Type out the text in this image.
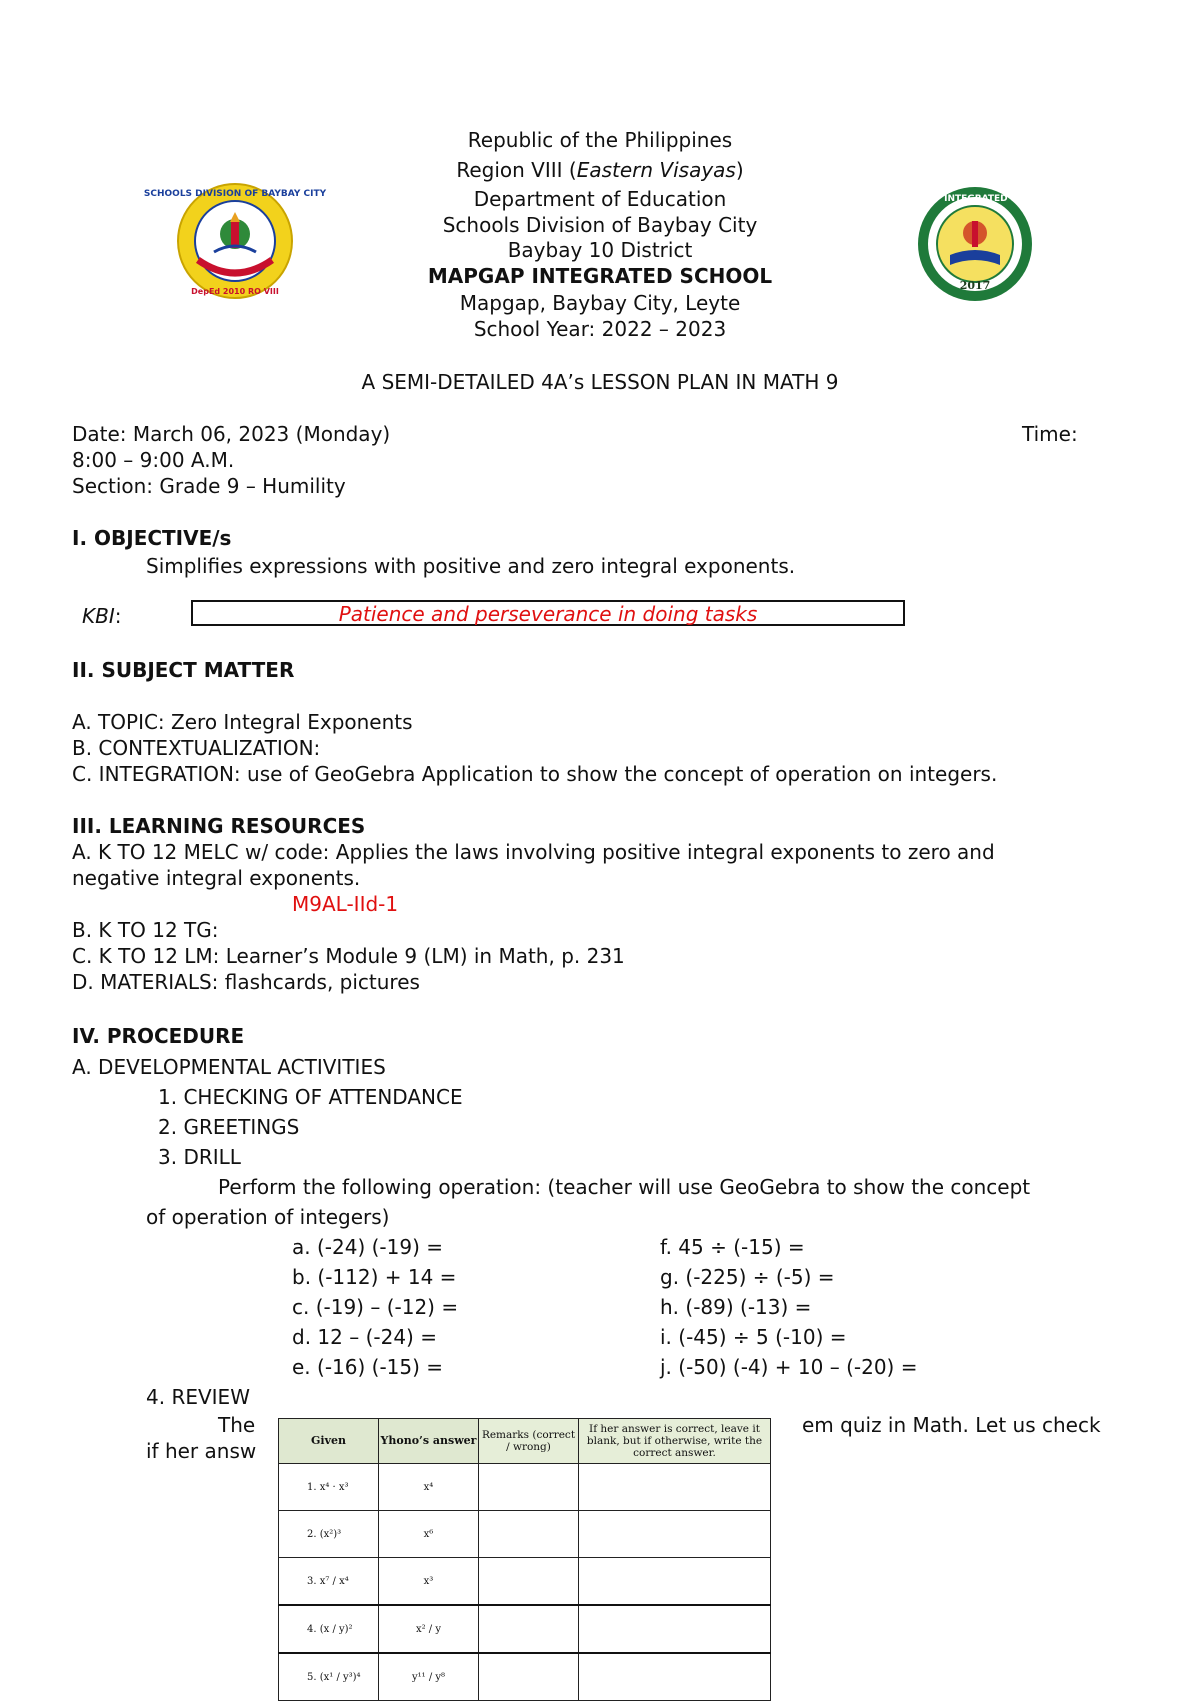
SCHOOLS DIVISION OF BAYBAY CITY
DepEd 2010 RO VIII
MAPGAP INTEGRATED SCHOOL
2017
Republic of the Philippines
Region VIII (Eastern Visayas)
Department of Education
Schools Division of Baybay City
Baybay 10 District
MAPGAP INTEGRATED SCHOOL
Mapgap, Baybay City, Leyte
School Year: 2022 – 2023
A SEMI-DETAILED 4A’s LESSON PLAN IN MATH 9
Date: March 06, 2023 (Monday)	Time:
8:00 – 9:00 A.M.
Section: Grade 9 – Humility
I. OBJECTIVE/s
Simplifies expressions with positive and zero integral exponents.
KBI:	Patience and perseverance in doing tasks
II. SUBJECT MATTER
A. TOPIC: Zero Integral Exponents
B. CONTEXTUALIZATION:
C. INTEGRATION: use of GeoGebra Application to show the concept of operation on integers.
III. LEARNING RESOURCES
A. K TO 12 MELC w/ code: Applies the laws involving positive integral exponents to zero and
negative integral exponents.
M9AL-IId-1
B. K TO 12 TG:
C. K TO 12 LM: Learner’s Module 9 (LM) in Math, p. 231
D. MATERIALS: flashcards, pictures
IV. PROCEDURE
A. DEVELOPMENTAL ACTIVITIES
1. CHECKING OF ATTENDANCE
2. GREETINGS
3. DRILL
Perform the following operation: (teacher will use GeoGebra to show the concept
of operation of integers)
a. (-24) (-19) =
b. (-112) + 14 =
c. (-19) – (-12) =
d. 12 – (-24) =
e. (-16) (-15) =
f. 45 ÷ (-15) =
g. (-225) ÷ (-5) =
h. (-89) (-13) =
i. (-45) ÷ 5 (-10) =
j. (-50) (-4) + 10 – (-20) =
4. REVIEW
The	em quiz in Math. Let us check
if her answ	Given	Yhono’s answer	Remarks (correct / wrong)	If her answer is correct, leave it blank, but if otherwise, write the correct answer.
1. x⁴ · x³	x⁴		
2. (x²)³	x⁶		
3. x⁷ / x⁴	x³		
4. (x / y)²	x² / y		
5. (x¹ / y³)⁴	y¹¹ / y⁸		
